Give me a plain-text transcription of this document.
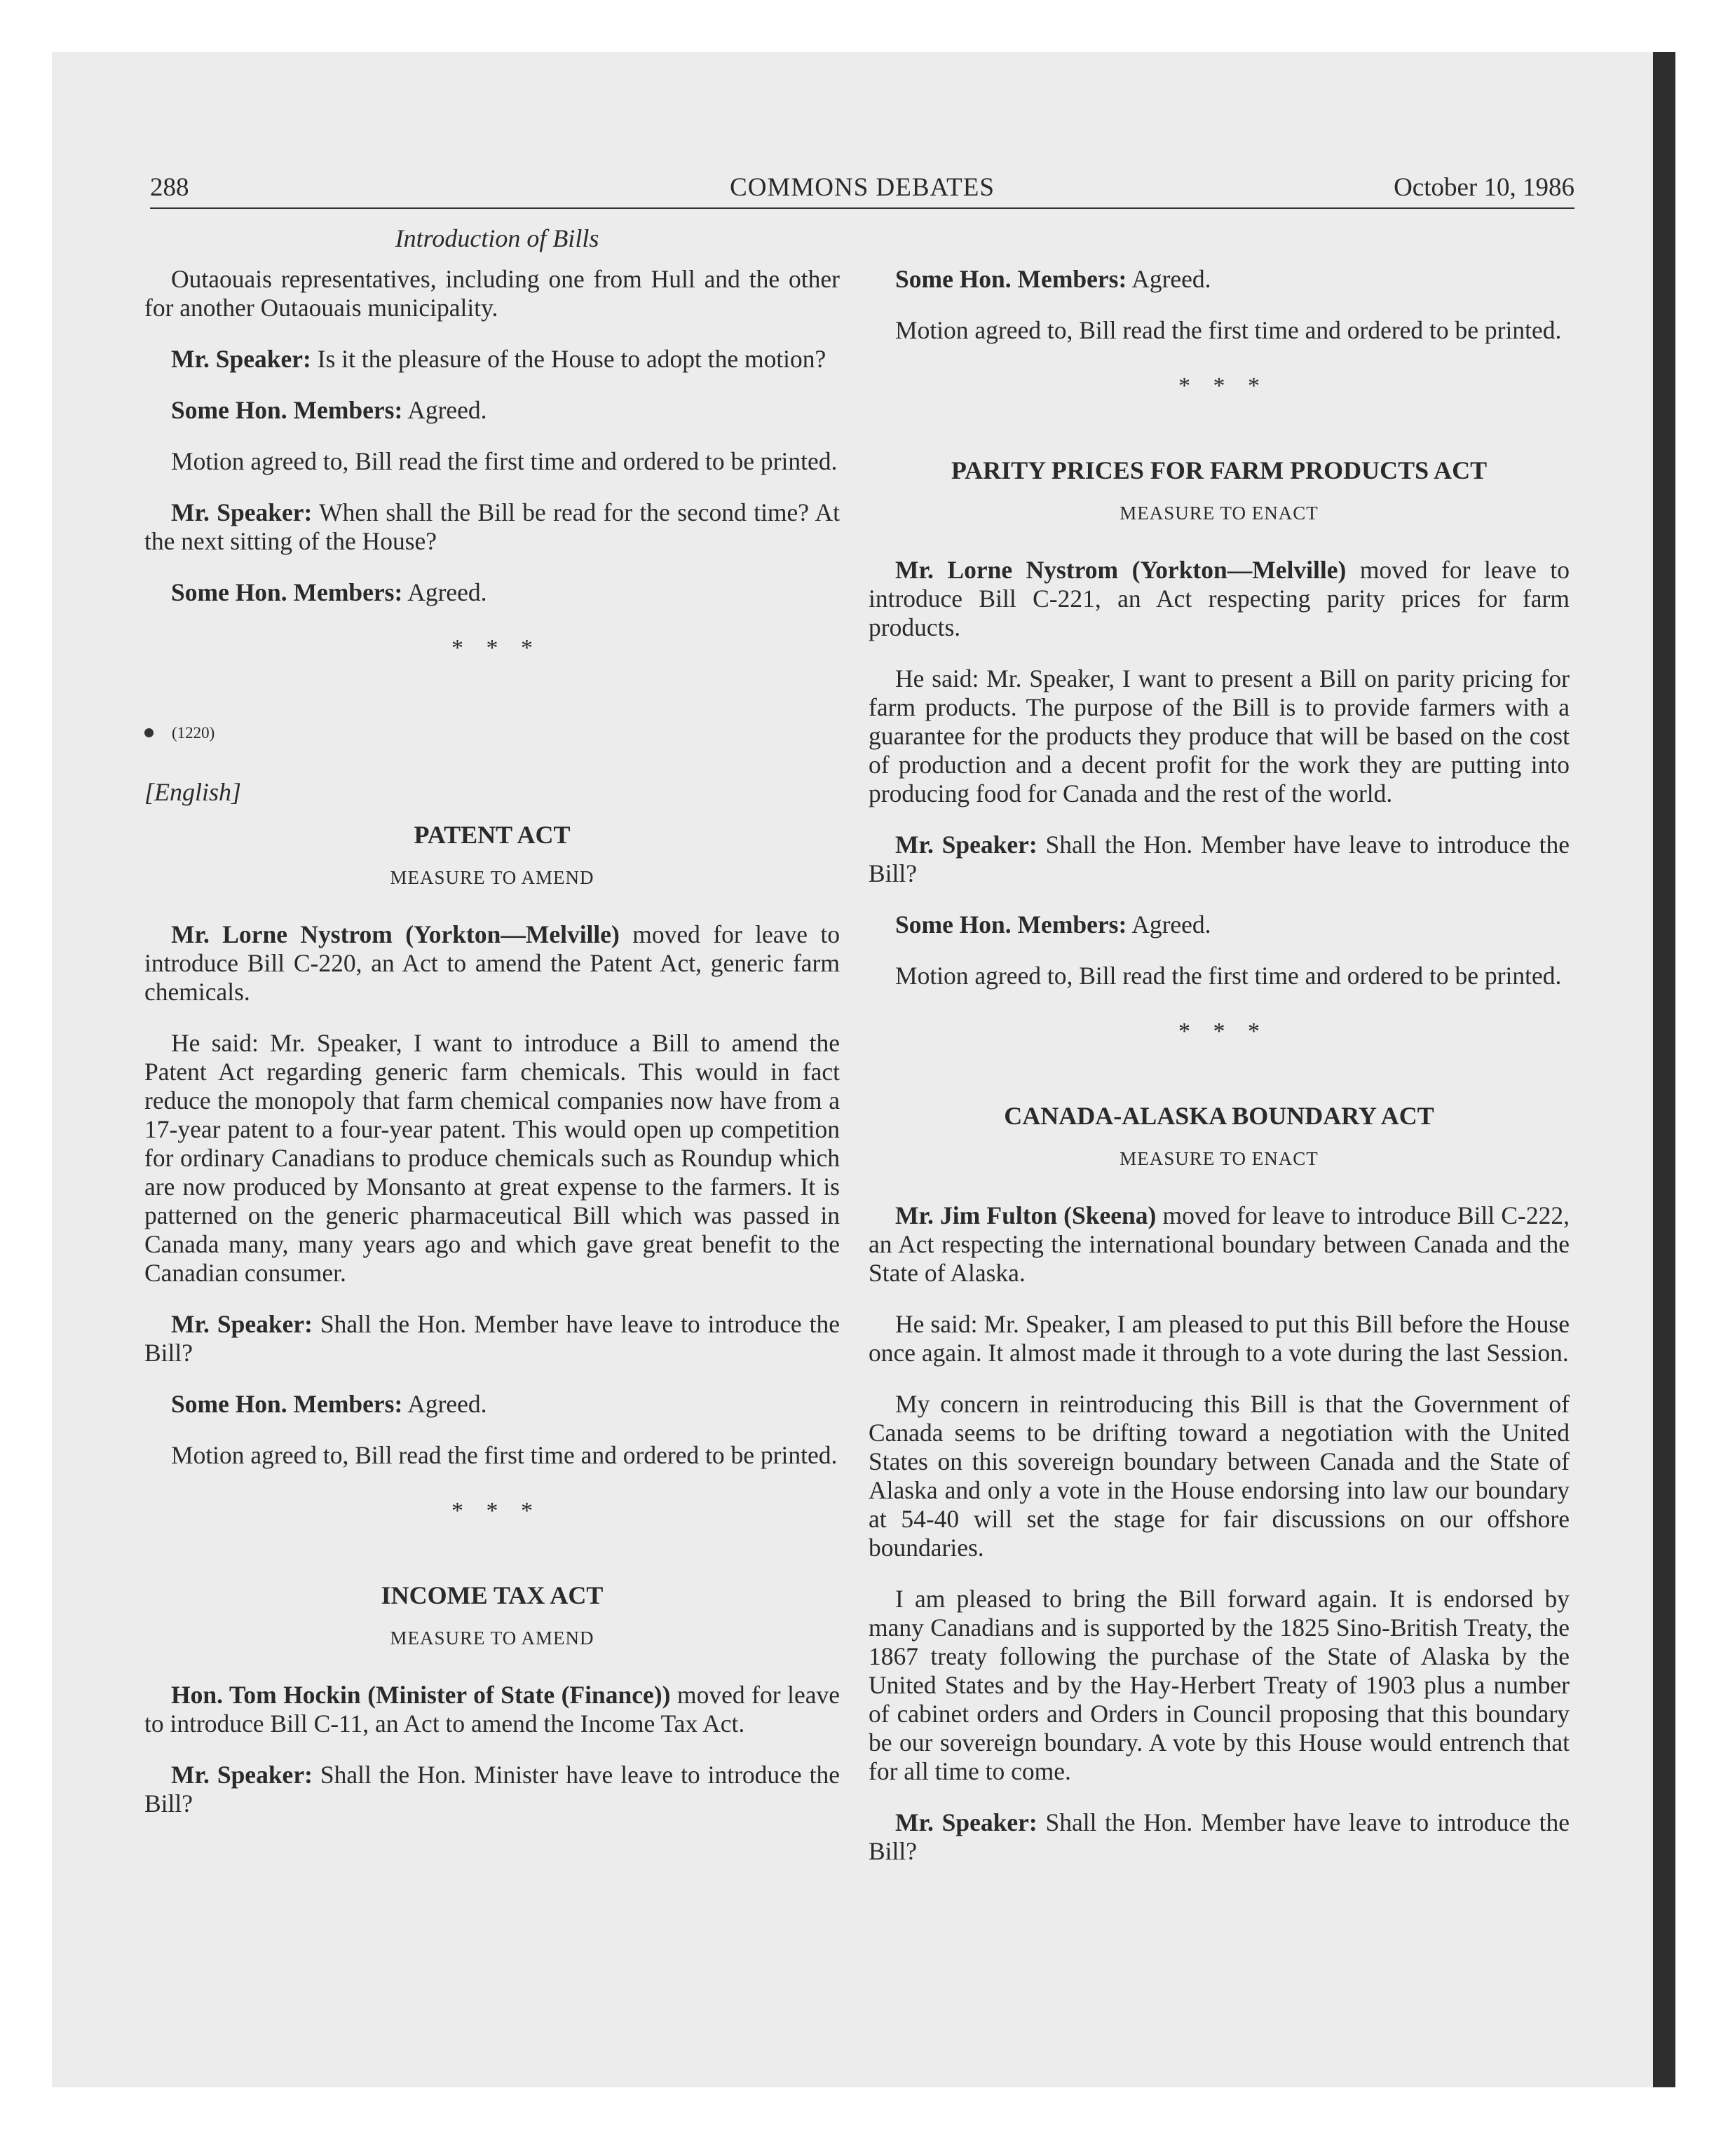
288	COMMONS DEBATES	October 10, 1986
Introduction of Bills

Outaouais representatives, including one from Hull and the other for another Outaouais municipality.

Mr. Speaker: Is it the pleasure of the House to adopt the motion?

Some Hon. Members: Agreed.

Motion agreed to, Bill read the first time and ordered to be printed.

Mr. Speaker: When shall the Bill be read for the second time? At the next sitting of the House?

Some Hon. Members: Agreed.

* * *
(1220)
[English]
PATENT ACT
MEASURE TO AMEND

Mr. Lorne Nystrom (Yorkton—Melville) moved for leave to introduce Bill C-220, an Act to amend the Patent Act, generic farm chemicals.

He said: Mr. Speaker, I want to introduce a Bill to amend the Patent Act regarding generic farm chemicals. This would in fact reduce the monopoly that farm chemical companies now have from a 17-year patent to a four-year patent. This would open up competition for ordinary Canadians to produce chemicals such as Roundup which are now produced by Monsanto at great expense to the farmers. It is patterned on the generic pharmaceutical Bill which was passed in Canada many, many years ago and which gave great benefit to the Canadian consumer.

Mr. Speaker: Shall the Hon. Member have leave to introduce the Bill?

Some Hon. Members: Agreed.

Motion agreed to, Bill read the first time and ordered to be printed.

* * *
INCOME TAX ACT
MEASURE TO AMEND

Hon. Tom Hockin (Minister of State (Finance)) moved for leave to introduce Bill C-11, an Act to amend the Income Tax Act.

Mr. Speaker: Shall the Hon. Minister have leave to introduce the Bill?

Some Hon. Members: Agreed.

Motion agreed to, Bill read the first time and ordered to be printed.

* * *
PARITY PRICES FOR FARM PRODUCTS ACT
MEASURE TO ENACT

Mr. Lorne Nystrom (Yorkton—Melville) moved for leave to introduce Bill C-221, an Act respecting parity prices for farm products.

He said: Mr. Speaker, I want to present a Bill on parity pricing for farm products. The purpose of the Bill is to provide farmers with a guarantee for the products they produce that will be based on the cost of production and a decent profit for the work they are putting into producing food for Canada and the rest of the world.

Mr. Speaker: Shall the Hon. Member have leave to introduce the Bill?

Some Hon. Members: Agreed.

Motion agreed to, Bill read the first time and ordered to be printed.

* * *
CANADA-ALASKA BOUNDARY ACT
MEASURE TO ENACT

Mr. Jim Fulton (Skeena) moved for leave to introduce Bill C-222, an Act respecting the international boundary between Canada and the State of Alaska.

He said: Mr. Speaker, I am pleased to put this Bill before the House once again. It almost made it through to a vote during the last Session.

My concern in reintroducing this Bill is that the Government of Canada seems to be drifting toward a negotiation with the United States on this sovereign boundary between Canada and the State of Alaska and only a vote in the House endorsing into law our boundary at 54-40 will set the stage for fair discussions on our offshore boundaries.

I am pleased to bring the Bill forward again. It is endorsed by many Canadians and is supported by the 1825 Sino-British Treaty, the 1867 treaty following the purchase of the State of Alaska by the United States and by the Hay-Herbert Treaty of 1903 plus a number of cabinet orders and Orders in Council proposing that this boundary be our sovereign boundary. A vote by this House would entrench that for all time to come.

Mr. Speaker: Shall the Hon. Member have leave to introduce the Bill?
